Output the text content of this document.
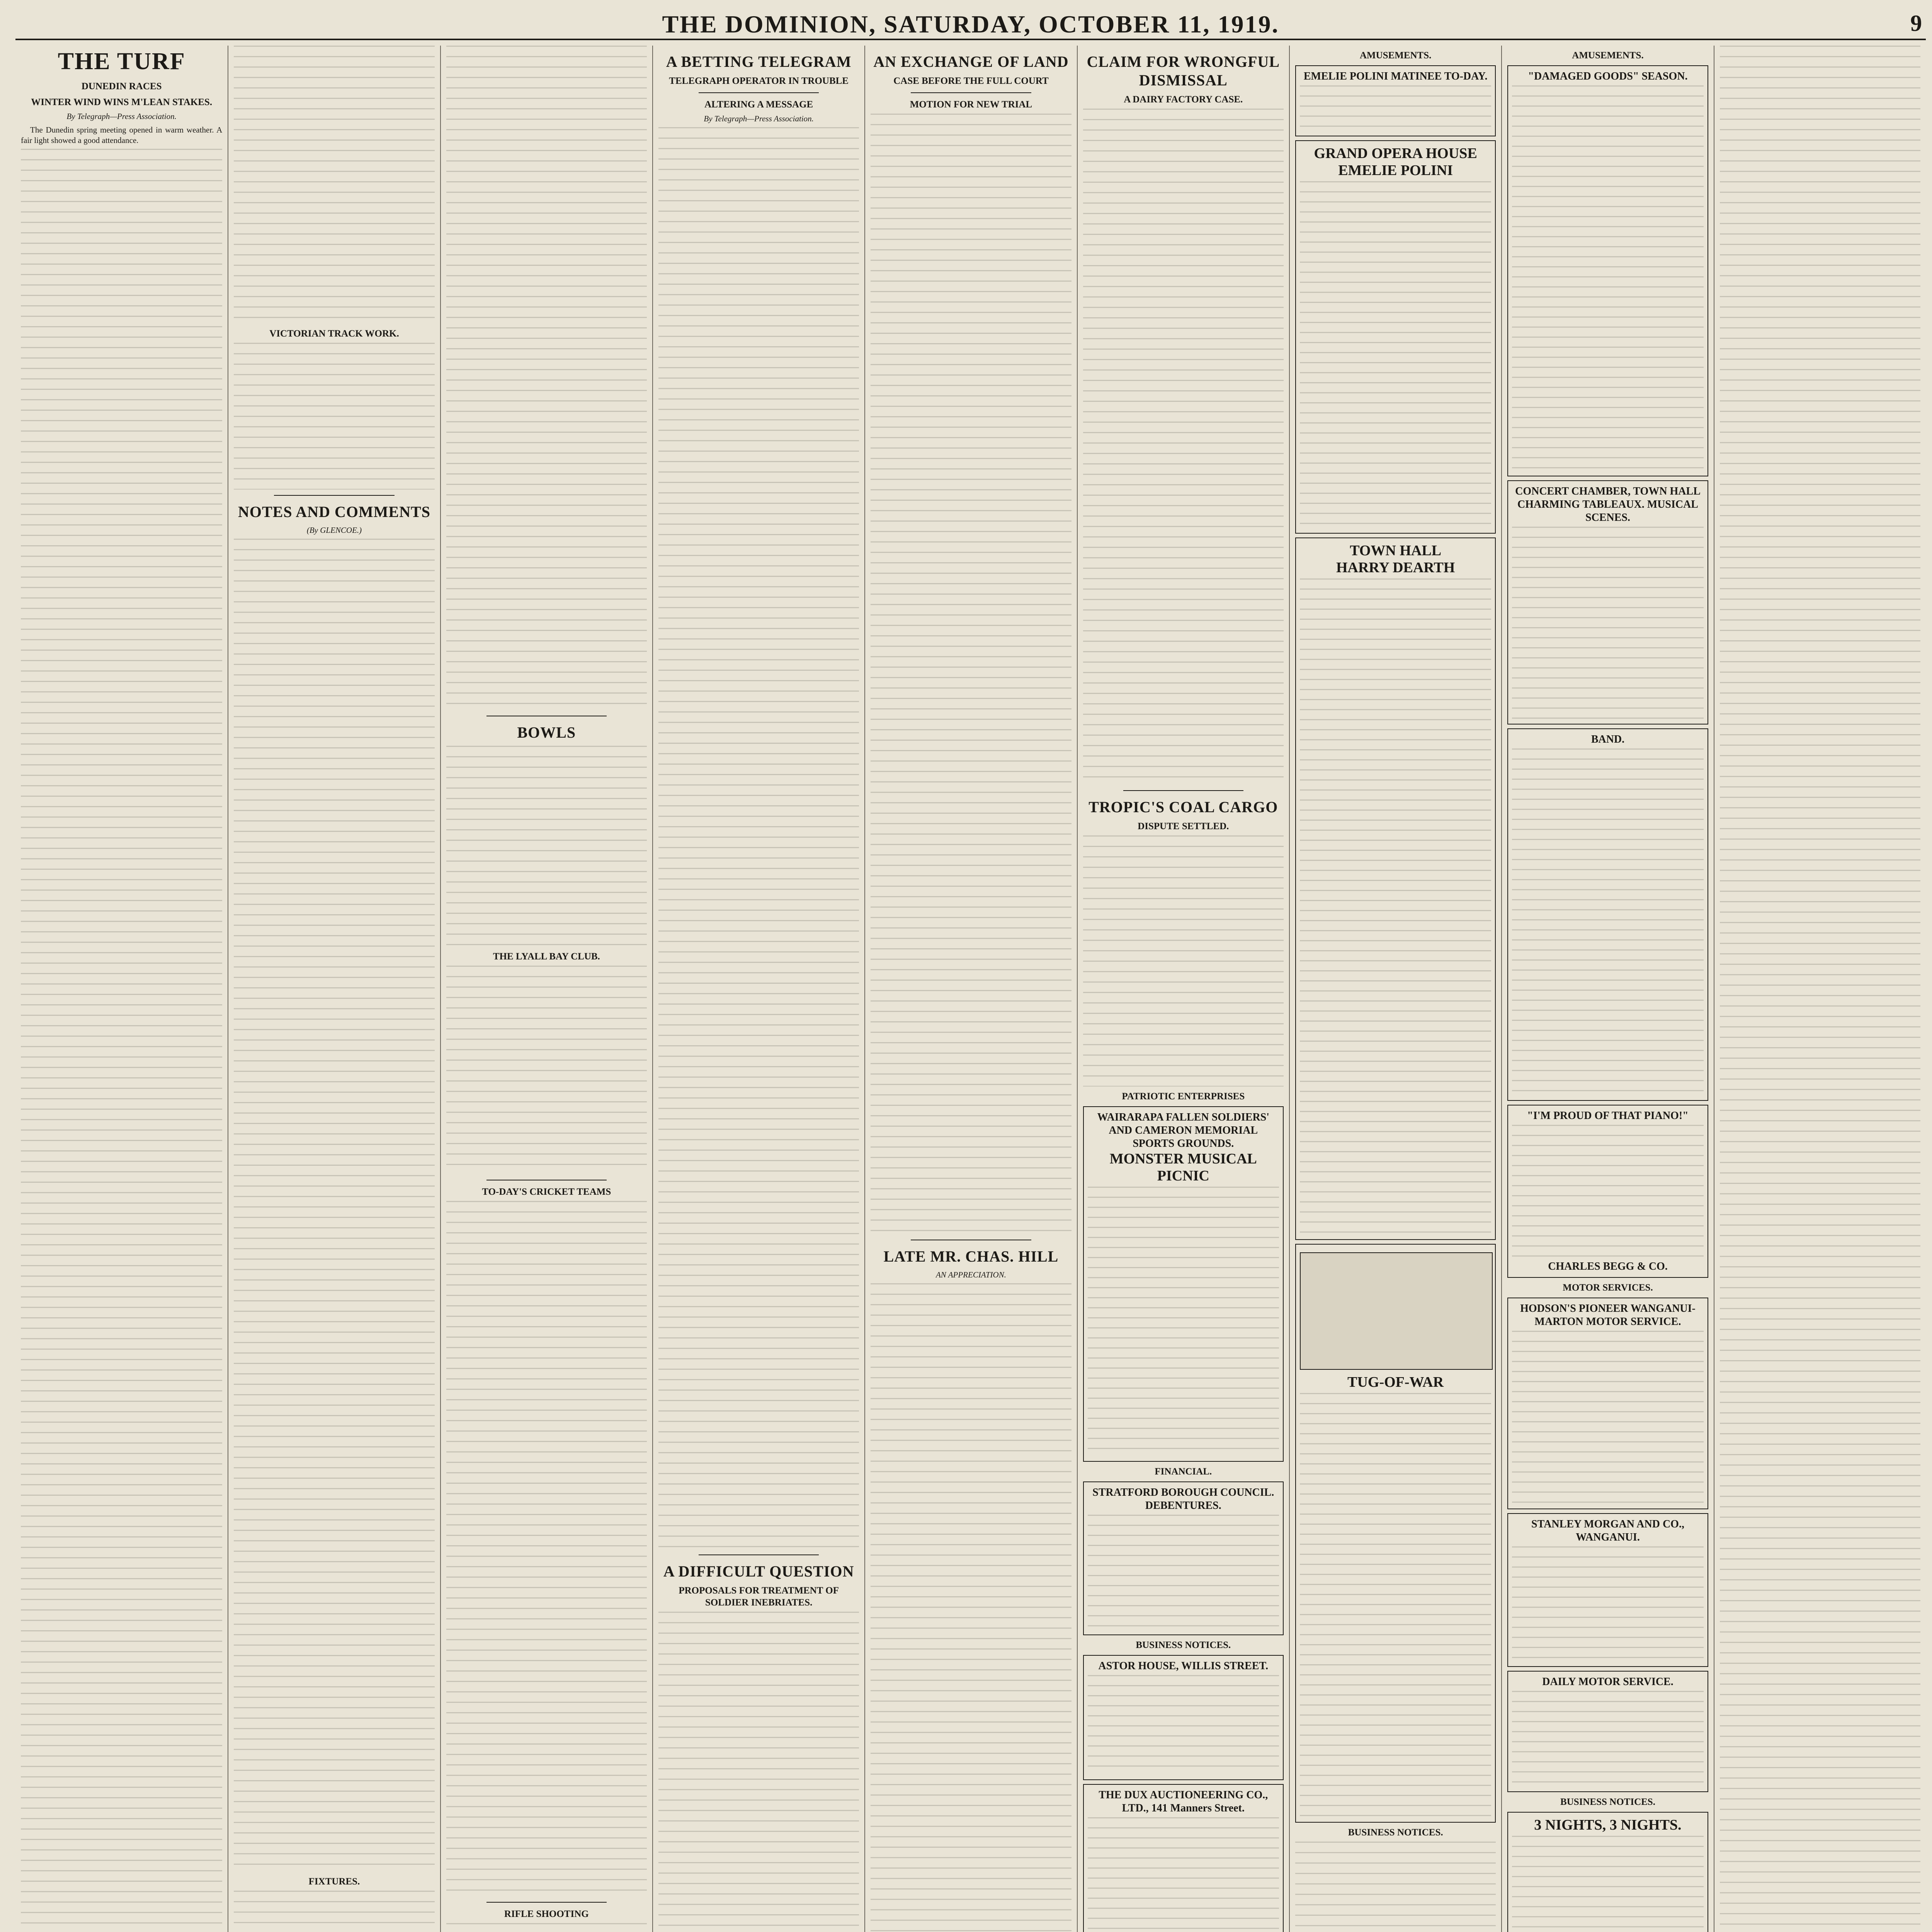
THE DOMINION, SATURDAY, OCTOBER 11, 1919.	9
THE TURF
DUNEDIN RACES
WINTER WIND WINS M'LEAN STAKES.
By Telegraph—Press Association.

The Dunedin spring meeting opened in warm weather. A fair light showed a good attendance.

VICTORIAN TRACK WORK.
NOTES AND COMMENTS
(By GLENCOE.)
FIXTURES.
BOWLS
THE LYALL BAY CLUB.
TO-DAY'S CRICKET TEAMS
RIFLE SHOOTING
A BETTING TELEGRAM
TELEGRAPH OPERATOR IN TROUBLE
ALTERING A MESSAGE
By Telegraph—Press Association.
A DIFFICULT QUESTION
PROPOSALS FOR TREATMENT OF SOLDIER INEBRIATES.
AN EXCHANGE OF LAND
CASE BEFORE THE FULL COURT
MOTION FOR NEW TRIAL
LATE MR. CHAS. HILL
AN APPRECIATION.
CLAIM FOR WRONGFUL DISMISSAL
A DAIRY FACTORY CASE.
TROPIC'S COAL CARGO
DISPUTE SETTLED.
PATRIOTIC ENTERPRISES
WAIRARAPA FALLEN SOLDIERS' AND CAMERON MEMORIAL SPORTS GROUNDS.
MONSTER MUSICAL PICNIC
FINANCIAL.
STRATFORD BOROUGH COUNCIL.
DEBENTURES.
BUSINESS NOTICES.
ASTOR HOUSE, WILLIS STREET.
THE DUX AUCTIONEERING CO., LTD., 141 Manners Street.
AMUSEMENTS.
EMELIE POLINI MATINEE TO-DAY.
GRAND OPERA HOUSE
EMELIE POLINI
TOWN HALL
HARRY DEARTH
TUG-OF-WAR
BUSINESS NOTICES.
AMUSEMENTS.
"DAMAGED GOODS" SEASON.
CONCERT CHAMBER, TOWN HALL
CHARMING TABLEAUX. MUSICAL SCENES.
BAND.
"I'M PROUD OF THAT PIANO!"
CHARLES BEGG & CO.
MOTOR SERVICES.
HODSON'S PIONEER WANGANUI-MARTON MOTOR SERVICE.
STANLEY MORGAN AND CO., WANGANUI.
DAILY MOTOR SERVICE.
BUSINESS NOTICES.
3 NIGHTS, 3 NIGHTS.
